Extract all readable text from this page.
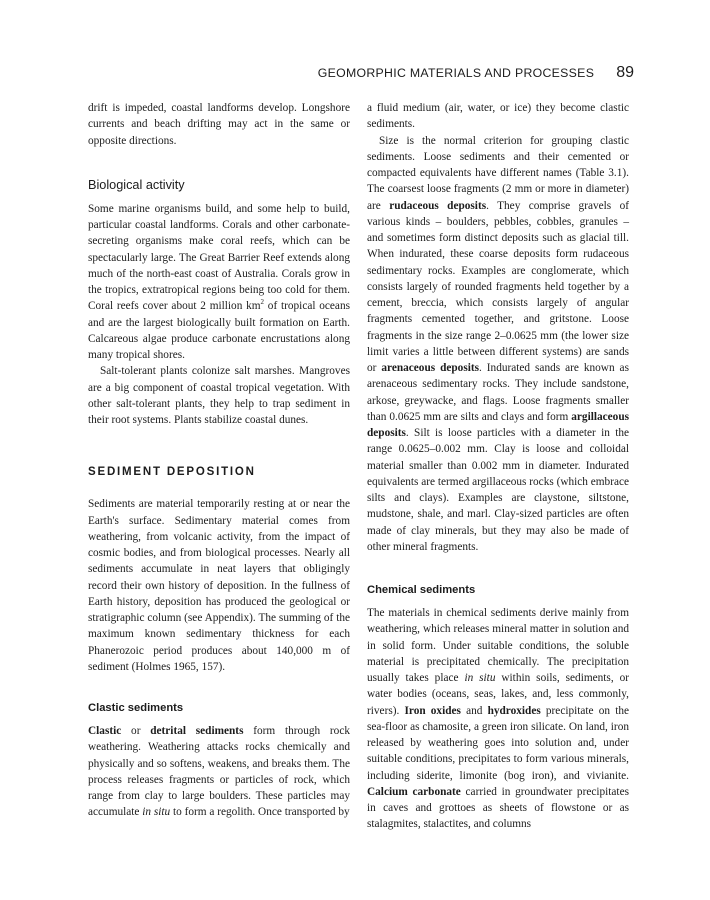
GEOMORPHIC MATERIALS AND PROCESSES 89

drift is impeded, coastal landforms develop. Longshore currents and beach drifting may act in the same or opposite directions.

Biological activity

Some marine organisms build, and some help to build, particular coastal landforms. Corals and other carbonate-secreting organisms make coral reefs, which can be spectacularly large. The Great Barrier Reef extends along much of the north-east coast of Australia. Corals grow in the tropics, extratropical regions being too cold for them. Coral reefs cover about 2 million $km^2$ of tropical oceans and are the largest biologically built formation on Earth. Calcareous algae produce carbonate encrustations along many tropical shores.

Salt-tolerant plants colonize salt marshes. Mangroves are a big component of coastal tropical vegetation. With other salt-tolerant plants, they help to trap sediment in their root systems. Plants stabilize coastal dunes.

SEDIMENT DEPOSITION

Sediments are material temporarily resting at or near the Earth's surface. Sedimentary material comes from weathering, from volcanic activity, from the impact of cosmic bodies, and from biological processes. Nearly all sediments accumulate in neat layers that obligingly record their own history of deposition. In the fullness of Earth history, deposition has produced the geological or stratigraphic column (see Appendix). The summing of the maximum known sedimentary thickness for each Phanerozoic period produces about 140,000 m of sediment (Holmes 1965, 157).

Clastic sediments

Clastic or detrital sediments form through rock weathering. Weathering attacks rocks chemically and physically and so softens, weakens, and breaks them. The process releases fragments or particles of rock, which range from clay to large boulders. These particles may accumulate in situ to form a regolith. Once transported by

a fluid medium (air, water, or ice) they become clastic sediments.

Size is the normal criterion for grouping clastic sediments. Loose sediments and their cemented or compacted equivalents have different names (Table 3.1). The coarsest loose fragments (2 mm or more in diameter) are rudaceous deposits. They comprise gravels of various kinds – boulders, pebbles, cobbles, granules – and sometimes form distinct deposits such as glacial till. When indurated, these coarse deposits form rudaceous sedimentary rocks. Examples are conglomerate, which consists largely of rounded fragments held together by a cement, breccia, which consists largely of angular fragments cemented together, and gritstone. Loose fragments in the size range 2–0.0625 mm (the lower size limit varies a little between different systems) are sands or arenaceous deposits. Indurated sands are known as arenaceous sedimentary rocks. They include sandstone, arkose, greywacke, and flags. Loose fragments smaller than 0.0625 mm are silts and clays and form argillaceous deposits. Silt is loose particles with a diameter in the range 0.0625–0.002 mm. Clay is loose and colloidal material smaller than 0.002 mm in diameter. Indurated equivalents are termed argillaceous rocks (which embrace silts and clays). Examples are claystone, siltstone, mudstone, shale, and marl. Clay-sized particles are often made of clay minerals, but they may also be made of other mineral fragments.

Chemical sediments

The materials in chemical sediments derive mainly from weathering, which releases mineral matter in solution and in solid form. Under suitable conditions, the soluble material is precipitated chemically. The precipitation usually takes place in situ within soils, sediments, or water bodies (oceans, seas, lakes, and, less commonly, rivers). Iron oxides and hydroxides precipitate on the sea-floor as chamosite, a green iron silicate. On land, iron released by weathering goes into solution and, under suitable conditions, precipitates to form various minerals, including siderite, limonite (bog iron), and vivianite. Calcium carbonate carried in groundwater precipitates in caves and grottoes as sheets of flowstone or as stalagmites, stalactites, and columns
